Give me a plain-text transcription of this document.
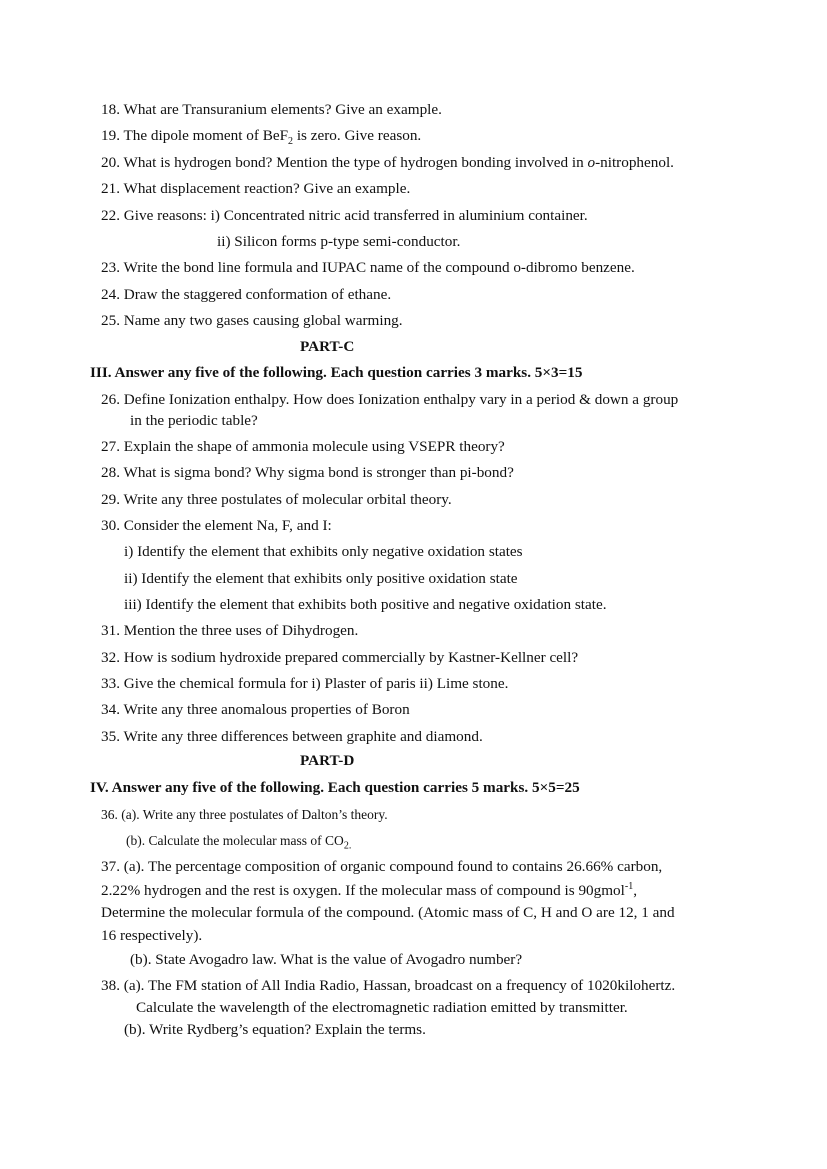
18. What are Transuranium elements? Give an example.
19. The dipole moment of BeF$_2$ is zero. Give reason.
20. What is hydrogen bond? Mention the type of hydrogen bonding involved in o-nitrophenol.
21. What displacement reaction? Give an example.
22. Give reasons: i) Concentrated nitric acid transferred in aluminium container.
ii) Silicon forms p-type semi-conductor.
23. Write the bond line formula and IUPAC name of the compound o-dibromo benzene.
24. Draw the staggered conformation of ethane.
25. Name any two gases causing global warming.
PART-C
III. Answer any five of the following. Each question carries 3 marks. 5×3=15
26. Define Ionization enthalpy. How does Ionization enthalpy vary in a period & down a group
in the periodic table?
27. Explain the shape of ammonia molecule using VSEPR theory?
28. What is sigma bond? Why sigma bond is stronger than pi-bond?
29. Write any three postulates of molecular orbital theory.
30. Consider the element Na, F, and I:
i) Identify the element that exhibits only negative oxidation states
ii) Identify the element that exhibits only positive oxidation state
iii) Identify the element that exhibits both positive and negative oxidation state.
31. Mention the three uses of Dihydrogen.
32. How is sodium hydroxide prepared commercially by Kastner-Kellner cell?
33. Give the chemical formula for i) Plaster of paris ii) Lime stone.
34. Write any three anomalous properties of Boron
35. Write any three differences between graphite and diamond.
PART-D
IV. Answer any five of the following. Each question carries 5 marks. 5×5=25
36. (a). Write any three postulates of Dalton’s theory.
(b). Calculate the molecular mass of $CO_{2.}$
37. (a). The percentage composition of organic compound found to contains 26.66% carbon,
2.22% hydrogen and the rest is oxygen. If the molecular mass of compound is 90gmol$^{-1}$,
Determine the molecular formula of the compound. (Atomic mass of C, H and O are 12, 1 and
16 respectively).
(b). State Avogadro law. What is the value of Avogadro number?
38. (a). The FM station of All India Radio, Hassan, broadcast on a frequency of 1020kilohertz.
Calculate the wavelength of the electromagnetic radiation emitted by transmitter.
(b). Write Rydberg’s equation? Explain the terms.
